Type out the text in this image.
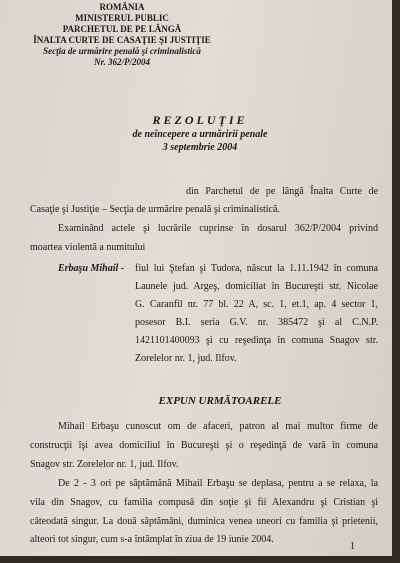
ROMÂNIA
MINISTERUL PUBLIC
PARCHETUL DE PE LÂNGĂ
ÎNALTA CURTE DE CASAŢIE ŞI JUSTIŢIE
Secţia de urmărire penală şi criminalistică
Nr. 362/P/2004
REZOLUŢIE
de neîncepere a urmăririi penale
3 septembrie 2004
din Parchetul de pe lângă Înalta Curte de
Casaţie şi Justiţie – Secţia de urmărire penală şi criminalistică.
Examinând actele şi lucrările cuprinse în dosarul 362/P/2004 privind
moartea violentă a numitului
Erbaşu Mihail - fiul lui Ştefan şi Tudora, născut la 1.11.1942 în comuna
Launele jud. Argeş, domiciliat în Bucureşti str. Nicolae
G. Caranfil nr. 77 bl. 22 A, sc. 1, et.1, ap. 4 sector 1,
posesor B.I. seria G.V. nr. 385472 şi al C.N.P.
1421101400093 şi cu reşedinţa în comuna Snagov str.
Zorelelor nr. 1, jud. Ilfov.
EXPUN URMĂTOARELE
Mihail Erbaşu cunoscut om de afaceri, patron al mai multor firme de
construcţii îşi avea domiciliul în Bucureşti şi o reşedinţă de vară în comuna
Snagov str. Zorelelor nr. 1, jud. Ilfov.
De 2 - 3 ori pe săptămână Mihail Erbaşu se deplasa, pentru a se relaxa, la
vila din Snagov, cu familia compusă din soţie şi fii Alexandru şi Cristian şi
câteodată singur. La două săptămâni, duminica venea uneori cu familia şi prietenii,
alteori tot singur, cum s-a întâmplat în ziua de 19 iunie 2004.
1
